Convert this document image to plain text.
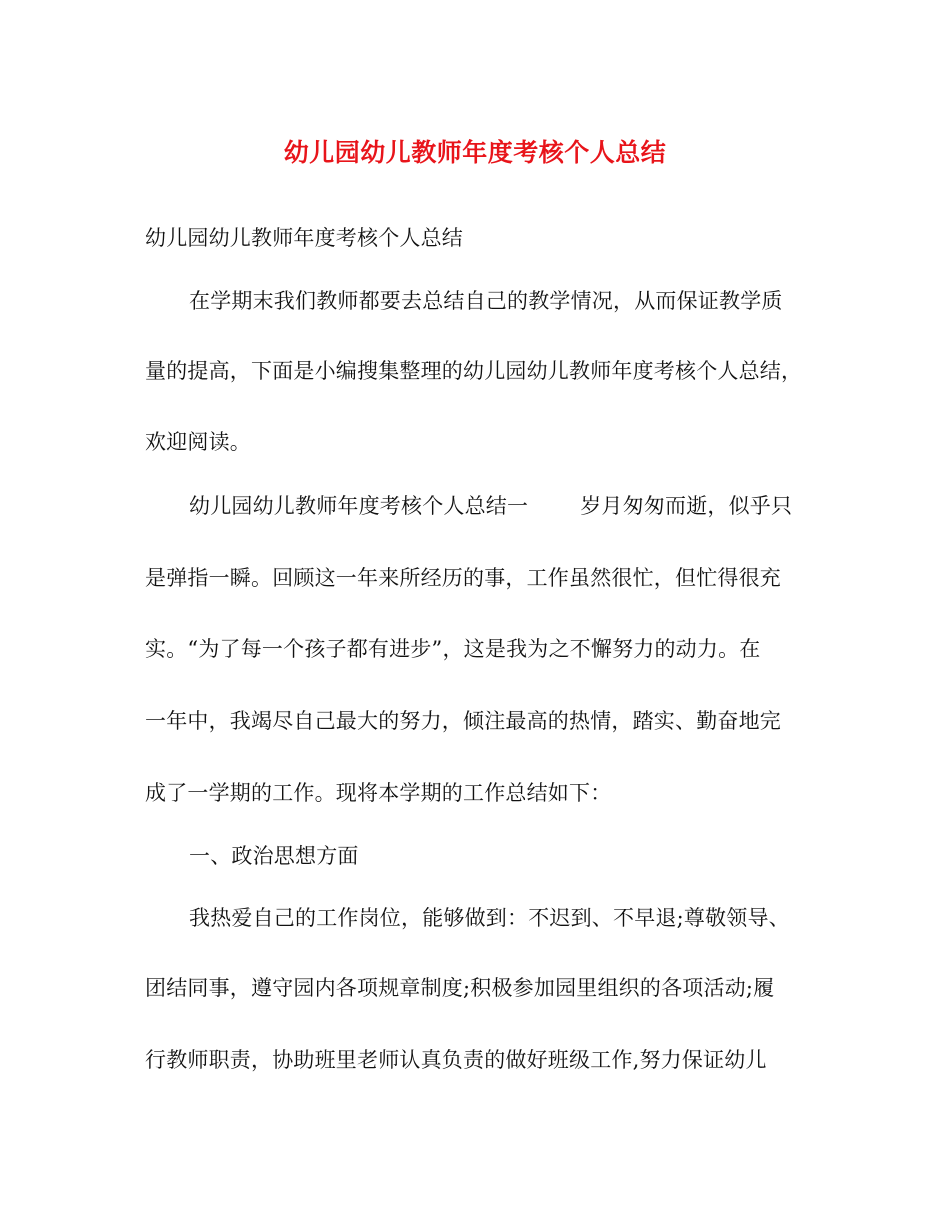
幼儿园幼儿教师年度考核个人总结
幼儿园幼儿教师年度考核个人总结
在学期末我们教师都要去总结自己的教学情况，从而保证教学质
量的提高，下面是小编搜集整理的幼儿园幼儿教师年度考核个人总结，
欢迎阅读。
幼儿园幼儿教师年度考核个人总结一 岁月匆匆而逝，似乎只
是弹指一瞬。回顾这一年来所经历的事，工作虽然很忙，但忙得很充
实。“为了每一个孩子都有进步”，这是我为之不懈努力的动力。在
一年中，我竭尽自己最大的努力，倾注最高的热情，踏实、勤奋地完
成了一学期的工作。现将本学期的工作总结如下：
一、政治思想方面
我热爱自己的工作岗位，能够做到：不迟到、不早退;尊敬领导、
团结同事，遵守园内各项规章制度;积极参加园里组织的各项活动;履
行教师职责，协助班里老师认真负责的做好班级工作,努力保证幼儿
